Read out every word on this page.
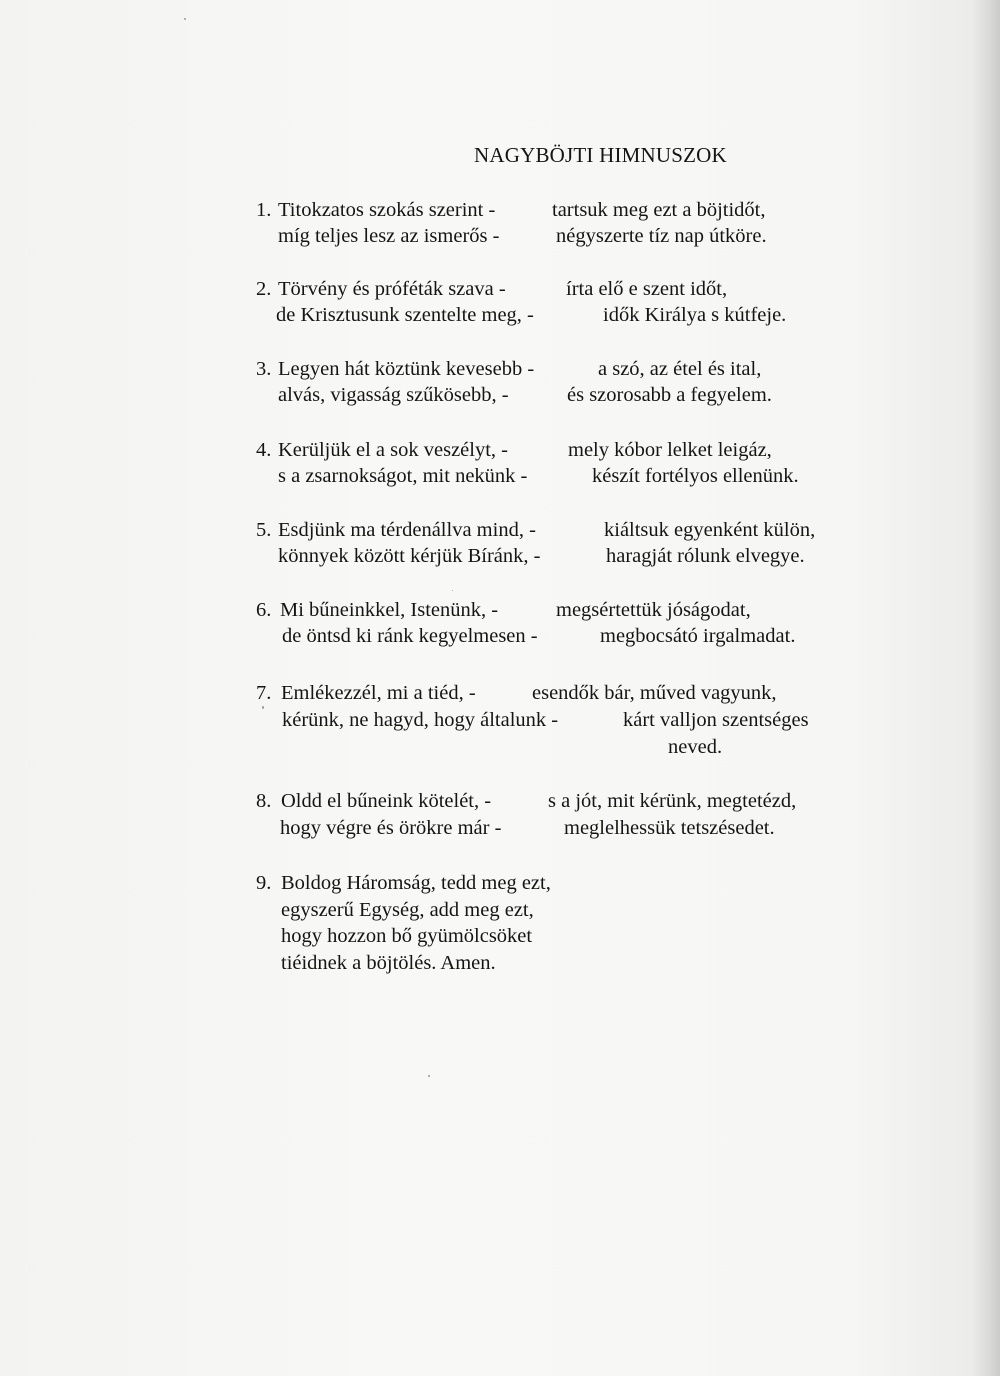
NAGYBÖJTI HIMNUSZOK
1. Titokzatos szokás szerint -	tartsuk meg ezt a böjtidőt,
míg teljes lesz az ismerős -	négyszerte tíz nap útköre.
2. Törvény és próféták szava -	írta elő e szent időt,
de Krisztusunk szentelte meg, -	idők Királya s kútfeje.
3. Legyen hát köztünk kevesebb -	a szó, az étel és ital,
alvás, vigasság szűkösebb, -	és szorosabb a fegyelem.
4. Kerüljük el a sok veszélyt, -	mely kóbor lelket leigáz,
s a zsarnokságot, mit nekünk -	készít fortélyos ellenünk.
5. Esdjünk ma térdenállva mind, -	kiáltsuk egyenként külön,
könnyek között kérjük Bíránk, -	haragját rólunk elvegye.
6. Mi bűneinkkel, Istenünk, -	megsértettük jóságodat,
de öntsd ki ránk kegyelmesen -	megbocsátó irgalmadat.
7. Emlékezzél, mi a tiéd, -	esendők bár, műved vagyunk,
kérünk, ne hagyd, hogy általunk -	kárt valljon szentséges
neved.
8. Oldd el bűneink kötelét, -	s a jót, mit kérünk, megtetézd,
hogy végre és örökre már -	meglelhessük tetszésedet.
9. Boldog Háromság, tedd meg ezt,
egyszerű Egység, add meg ezt,
hogy hozzon bő gyümölcsöket
tiéidnek a böjtölés. Amen.
